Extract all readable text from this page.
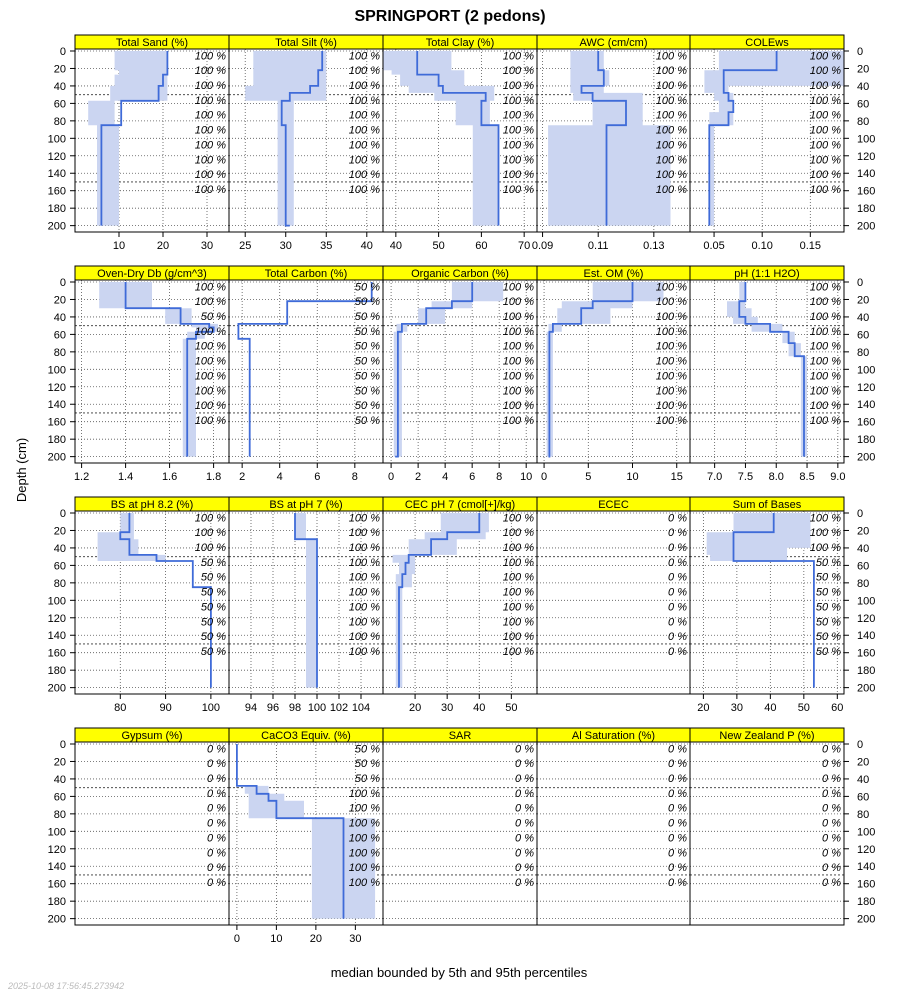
SPRINGPORT (2 pedons)
Depth (cm)
median bounded by 5th and 95th percentiles
2025-10-08 17:56:45.273942
Total Sand (%)
100 %
100 %
100 %
100 %
100 %
100 %
100 %
100 %
100 %
100 %
10	20	30
Total Silt (%)
100 %
100 %
100 %
100 %
100 %
100 %
100 %
100 %
100 %
100 %
25	30	35	40
Total Clay (%)
100 %
100 %
100 %
100 %
100 %
100 %
100 %
100 %
100 %
100 %
40	50	60	70
AWC (cm/cm)
100 %
100 %
100 %
100 %
100 %
100 %
100 %
100 %
100 %
100 %
0.09	0.11	0.13
COLEws
100 %
100 %
100 %
100 %
100 %
100 %
100 %
100 %
100 %
100 %
0.05 0.10 0.15
Oven-Dry Db (g/cm^3)
100 %
100 %
50 %
100 %
100 %
100 %
100 %
100 %
100 %
100 %
1.2	1.4	1.6	1.8
Total Carbon (%)
50 %
50 %
50 %
50 %
50 %
50 %
50 %
50 %
50 %
50 %
2	4	6	8
Organic Carbon (%)
100 %
100 %
100 %
100 %
100 %
100 %
100 %
100 %
100 %
100 %
0 2 4 6 8 10
Est. OM (%)
100 %
100 %
100 %
100 %
100 %
100 %
100 %
100 %
100 %
100 %
0	5	10	15
pH (1:1 H2O)
100 %
100 %
100 %
100 %
100 %
100 %
100 %
100 %
100 %
100 %
7.0 7.5 8.0 8.5 9.0
BS at pH 8.2 (%)
100 %
100 %
100 %
50 %
50 %
50 %
50 %
50 %
50 %
50 %
80	90	100
BS at pH 7 (%)
100 %
100 %
100 %
100 %
100 %
100 %
100 %
100 %
100 %
100 %
94 96 98 100 102 104
CEC pH 7 (cmol[+]/kg)
100 %
100 %
100 %
100 %
100 %
100 %
100 %
100 %
100 %
100 %
20 30 40 50
ECEC
0 %
0 %
0 %
0 %
0 %
0 %
0 %
0 %
0 %
0 %
Sum of Bases
100 %
100 %
100 %
50 %
50 %
50 %
50 %
50 %
50 %
50 %
20 30 40 50 60
Gypsum (%)
0 %
0 %
0 %
0 %
0 %
0 %
0 %
0 %
0 %
0 %
CaCO3 Equiv. (%)
50 %
50 %
50 %
100 %
100 %
100 %
100 %
100 %
100 %
100 %
0	10 20 30
SAR
0 %
0 %
0 %
0 %
0 %
0 %
0 %
0 %
0 %
0 %
Al Saturation (%)
0 %
0 %
0 %
0 %
0 %
0 %
0 %
0 %
0 %
0 %
New Zealand P (%)
0 %
0 %
0 %
0 %
0 %
0 %
0 %
0 %
0 %
0 %
0	0
20	20
40	40
60	60
80	80
100	100
120	120
140	140
160	160
180	180
200	200
0	0
20	20
40	40
60	60
80	80
100	100
120	120
140	140
160	160
180	180
200	200
0	0
20	20
40	40
60	60
80	80
100	100
120	120
140	140
160	160
180	180
200	200
0	0
20	20
40	40
60	60
80	80
100	100
120	120
140	140
160	160
180	180
200	200
